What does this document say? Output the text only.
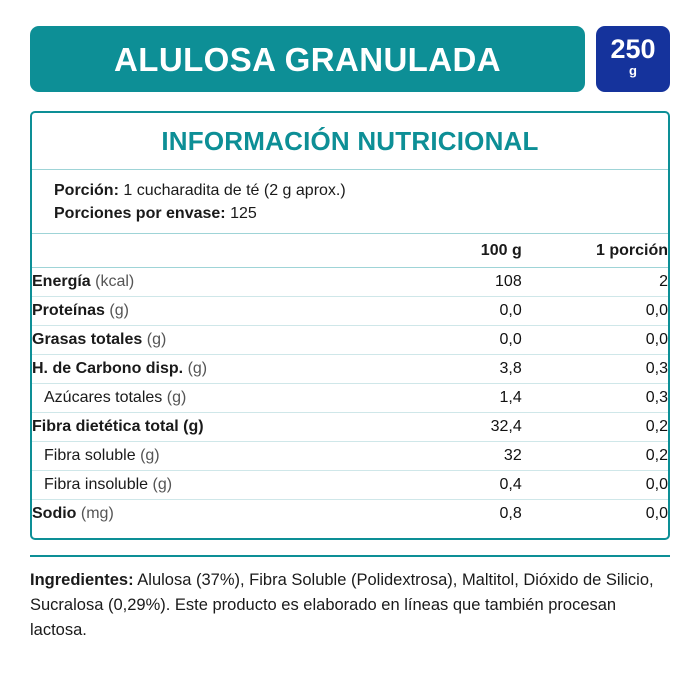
ALULOSA GRANULADA	250
g
INFORMACIÓN NUTRICIONAL
Porción: 1 cucharadita de té (2 g aprox.)
Porciones por envase: 125
	100 g	1 porción
Energía (kcal)	108	2
Proteínas (g)	0,0	0,0
Grasas totales (g)	0,0	0,0
H. de Carbono disp. (g)	3,8	0,3
Azúcares totales (g)	1,4	0,3
Fibra dietética total (g)	32,4	0,2
Fibra soluble (g)	32	0,2
Fibra insoluble (g)	0,4	0,0
Sodio (mg)	0,8	0,0
Ingredientes: Alulosa (37%), Fibra Soluble (Polidextrosa), Maltitol, Dióxido de Silicio, Sucralosa (0,29%). Este producto es elaborado en líneas que también procesan lactosa.
